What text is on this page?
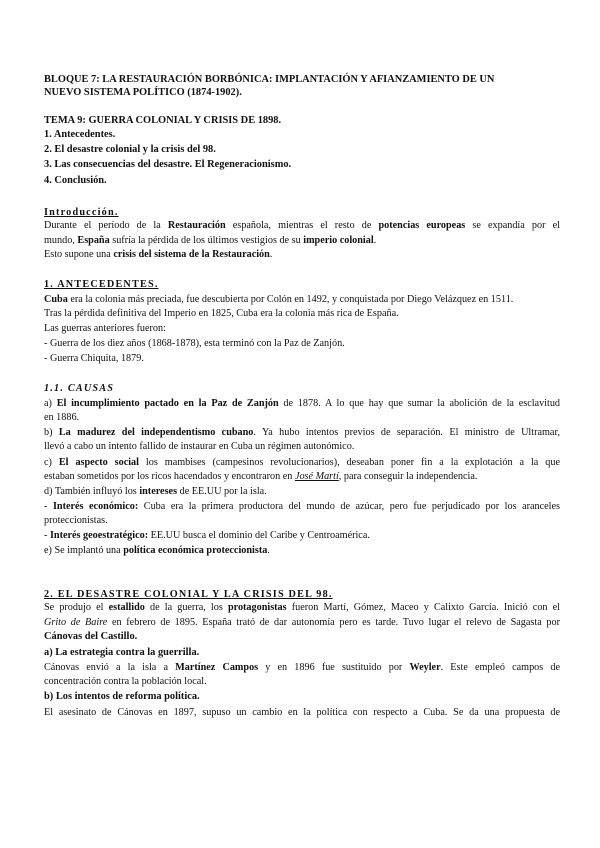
BLOQUE 7: LA RESTAURACIÓN BORBÓNICA: IMPLANTACIÓN Y AFIANZAMIENTO DE UN
NUEVO SISTEMA POLÍTICO (1874-1902).
TEMA 9: GUERRA COLONIAL Y CRISIS DE 1898.
1. Antecedentes.
2. El desastre colonial y la crisis del 98.
3. Las consecuencias del desastre. El Regeneracionismo.
4. Conclusión.
Introducción.
Durante el período de la Restauración española, mientras el resto de potencias europeas se expandía por el
mundo, España sufría la pérdida de los últimos vestigios de su imperio colonial.
Esto supone una crisis del sistema de la Restauración.
1. ANTECEDENTES.
Cuba era la colonia más preciada, fue descubierta por Colón en 1492, y conquistada por Diego Velázquez en 1511.
Tras la pérdida definitiva del Imperio en 1825, Cuba era la colonia más rica de España.
Las guerras anteriores fueron:
- Guerra de los diez años (1868-1878), esta terminó con la Paz de Zanjón.
- Guerra Chiquita, 1879.
1.1. CAUSAS
a) El incumplimiento pactado en la Paz de Zanjón de 1878. A lo que hay que sumar la abolición de la esclavitud
en 1886.
b) La madurez del independentismo cubano. Ya hubo intentos previos de separación. El ministro de Ultramar,
llevó a cabo un intento fallido de instaurar en Cuba un régimen autonómico.
c) El aspecto social los mambises (campesinos revolucionarios), deseaban poner fin a la explotación a la que
estaban sometidos por los ricos hacendados y encontraron en José Martí, para conseguir la independencia.
d) También influyó los intereses de EE.UU por la isla.
- Interés económico: Cuba era la primera productora del mundo de azúcar, pero fue perjudicado por los aranceles
proteccionistas.
- Interés geoestratégico: EE.UU busca el dominio del Caribe y Centroamérica.
e) Se implantó una política económica proteccionista.
2. EL DESASTRE COLONIAL Y LA CRISIS DEL 98.
Se produjo el estallido de la guerra, los protagonistas fueron Martí, Gómez, Maceo y Calixto García. Inició con el
Grito de Baire en febrero de 1895. España trató de dar autonomía pero es tarde. Tuvo lugar el relevo de Sagasta por
Cánovas del Castillo.
a) La estrategia contra la guerrilla.
Cánovas envió a la isla a Martínez Campos y en 1896 fue sustituido por Weyler. Este empleó campos de
concentración contra la población local.
b) Los intentos de reforma política.
El asesinato de Cánovas en 1897, supuso un cambio en la política con respecto a Cuba. Se da una propuesta de
